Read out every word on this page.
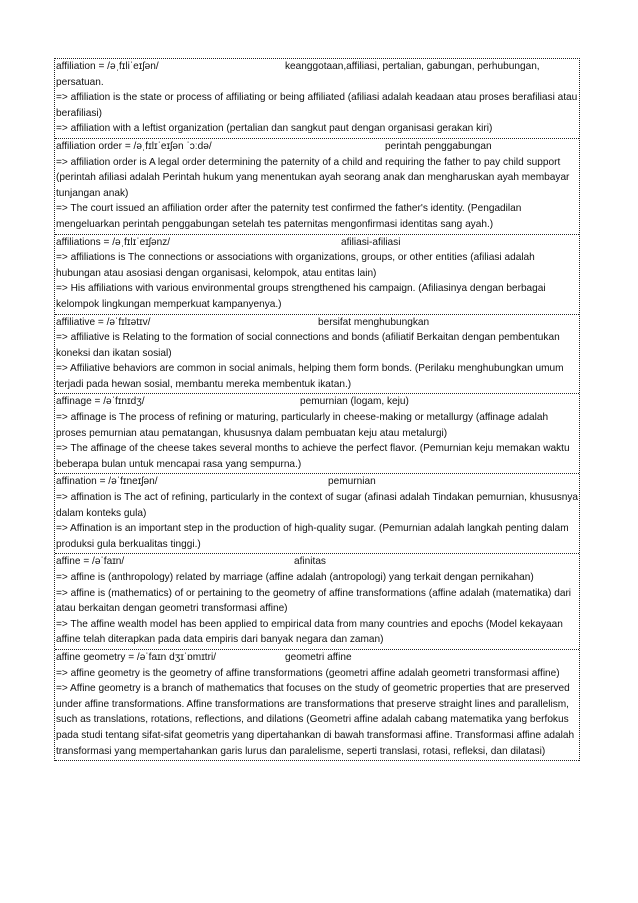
affiliation = /əˌfɪliˈeɪʃən/	keanggotaan,affiliasi, pertalian, gabungan, perhubungan,

persatuan.

=> affiliation is the state or process of affiliating or being affiliated (afiliasi adalah keadaan atau proses berafiliasi atau berafiliasi)

=> affiliation with a leftist organization (pertalian dan sangkut paut dengan organisasi gerakan kiri)

affiliation order = /əˌfɪlɪˈeɪʃən ˈɔːdə/	perintah penggabungan

=> affiliation order is A legal order determining the paternity of a child and requiring the father to pay child support (perintah afiliasi adalah Perintah hukum yang menentukan ayah seorang anak dan mengharuskan ayah membayar tunjangan anak)

=> The court issued an affiliation order after the paternity test confirmed the father's identity. (Pengadilan mengeluarkan perintah penggabungan setelah tes paternitas mengonfirmasi identitas sang ayah.)

affiliations = /əˌfɪlɪˈeɪʃənz/	afiliasi-afiliasi

=> affiliations is The connections or associations with organizations, groups, or other entities (afiliasi adalah hubungan atau asosiasi dengan organisasi, kelompok, atau entitas lain)

=> His affiliations with various environmental groups strengthened his campaign. (Afiliasinya dengan berbagai kelompok lingkungan memperkuat kampanyenya.)

affiliative = /əˈfɪlɪətɪv/	bersifat menghubungkan

=> affiliative is Relating to the formation of social connections and bonds (afiliatif Berkaitan dengan pembentukan koneksi dan ikatan sosial)

=> Affiliative behaviors are common in social animals, helping them form bonds. (Perilaku menghubungkan umum terjadi pada hewan sosial, membantu mereka membentuk ikatan.)

affinage = /əˈfɪnɪdʒ/	pemurnian (logam, keju)

=> affinage is The process of refining or maturing, particularly in cheese-making or metallurgy (affinage adalah proses pemurnian atau pematangan, khususnya dalam pembuatan keju atau metalurgi)

=> The affinage of the cheese takes several months to achieve the perfect flavor. (Pemurnian keju memakan waktu beberapa bulan untuk mencapai rasa yang sempurna.)

affination = /əˈfɪneɪʃən/	pemurnian

=> affination is The act of refining, particularly in the context of sugar (afinasi adalah Tindakan pemurnian, khususnya dalam konteks gula)

=> Affination is an important step in the production of high-quality sugar. (Pemurnian adalah langkah penting dalam produksi gula berkualitas tinggi.)

affine = /əˈfaɪn/	afinitas

=> affine is (anthropology) related by marriage (affine adalah (antropologi) yang terkait dengan pernikahan)

=> affine is (mathematics) of or pertaining to the geometry of affine transformations (affine adalah (matematika) dari atau berkaitan dengan geometri transformasi affine)

=> The affine wealth model has been applied to empirical data from many countries and epochs (Model kekayaan affine telah diterapkan pada data empiris dari banyak negara dan zaman)

affine geometry = /əˈfaɪn dʒɪˈɒmɪtri/	geometri affine

=> affine geometry is the geometry of affine transformations (geometri affine adalah geometri transformasi affine)

=> Affine geometry is a branch of mathematics that focuses on the study of geometric properties that are preserved under affine transformations. Affine transformations are transformations that preserve straight lines and parallelism, such as translations, rotations, reflections, and dilations (Geometri affine adalah cabang matematika yang berfokus pada studi tentang sifat-sifat geometris yang dipertahankan di bawah transformasi affine. Transformasi affine adalah transformasi yang mempertahankan garis lurus dan paralelisme, seperti translasi, rotasi, refleksi, dan dilatasi)
